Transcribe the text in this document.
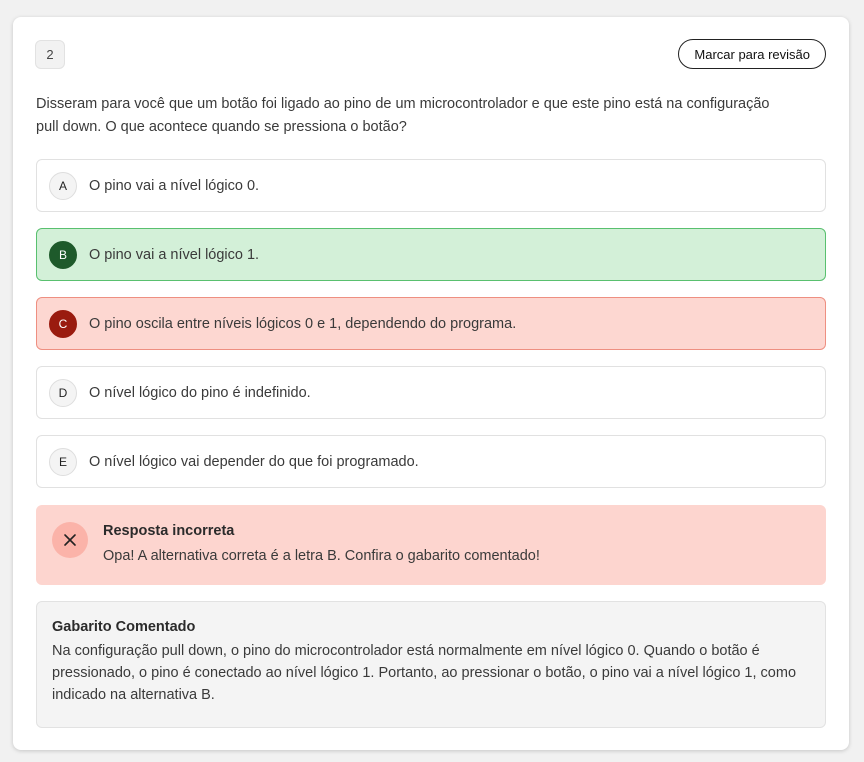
2	Marcar para revisão
Disseram para você que um botão foi ligado ao pino de um microcontrolador e que este pino está na configuração pull down. O que acontece quando se pressiona o botão?
A	O pino vai a nível lógico 0.
B	O pino vai a nível lógico 1.
C	O pino oscila entre níveis lógicos 0 e 1, dependendo do programa.
D	O nível lógico do pino é indefinido.
E	O nível lógico vai depender do que foi programado.
Resposta incorreta
Opa! A alternativa correta é a letra B. Confira o gabarito comentado!
Gabarito Comentado
Na configuração pull down, o pino do microcontrolador está normalmente em nível lógico 0. Quando o botão é pressionado, o pino é conectado ao nível lógico 1. Portanto, ao pressionar o botão, o pino vai a nível lógico 1, como indicado na alternativa B.
